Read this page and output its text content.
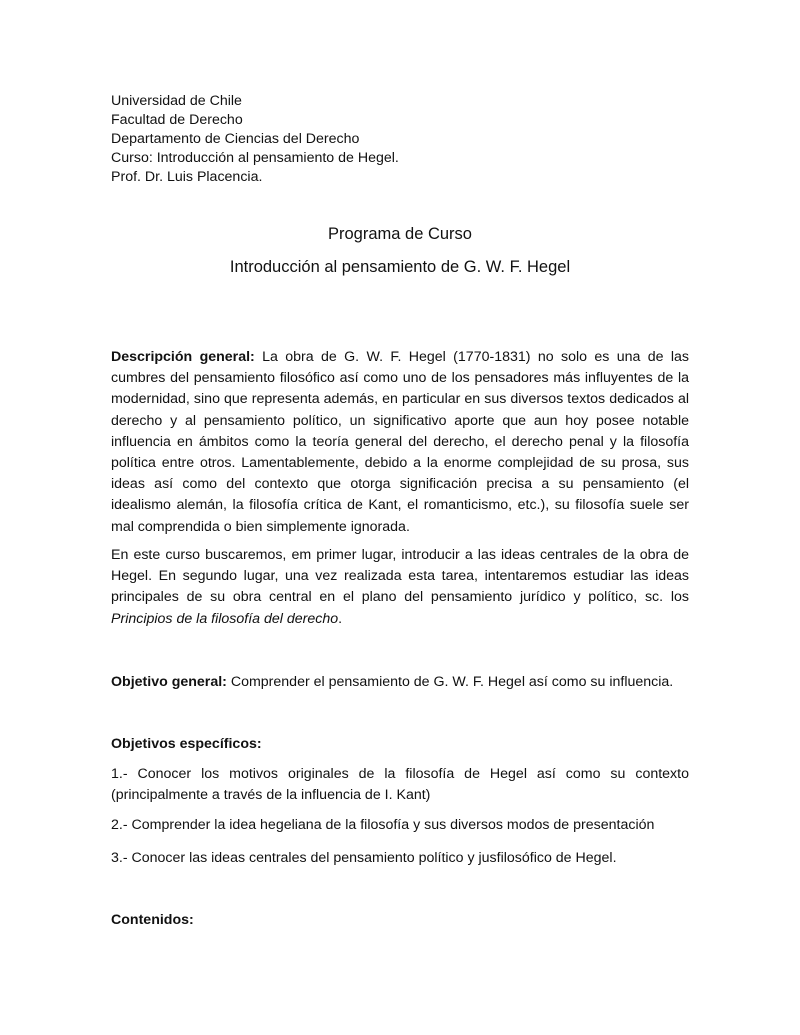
Universidad de Chile
Facultad de Derecho
Departamento de Ciencias del Derecho
Curso: Introducción al pensamiento de Hegel.
Prof. Dr. Luis Placencia.
Programa de Curso
Introducción al pensamiento de G. W. F. Hegel

Descripción general: La obra de G. W. F. Hegel (1770-1831) no solo es una de las cumbres del pensamiento filosófico así como uno de los pensadores más influyentes de la modernidad, sino que representa además, en particular en sus diversos textos dedicados al derecho y al pensamiento político, un significativo aporte que aun hoy posee notable influencia en ámbitos como la teoría general del derecho, el derecho penal y la filosofía política entre otros. Lamentablemente, debido a la enorme complejidad de su prosa, sus ideas así como del contexto que otorga significación precisa a su pensamiento (el idealismo alemán, la filosofía crítica de Kant, el romanticismo, etc.), su filosofía suele ser mal comprendida o bien simplemente ignorada.

En este curso buscaremos, em primer lugar, introducir a las ideas centrales de la obra de Hegel. En segundo lugar, una vez realizada esta tarea, intentaremos estudiar las ideas principales de su obra central en el plano del pensamiento jurídico y político, sc. los Principios de la filosofía del derecho.

Objetivo general: Comprender el pensamiento de G. W. F. Hegel así como su influencia.
Objetivos específicos:

1.- Conocer los motivos originales de la filosofía de Hegel así como su contexto (principalmente a través de la influencia de I. Kant)

2.- Comprender la idea hegeliana de la filosofía y sus diversos modos de presentación
3.- Conocer las ideas centrales del pensamiento político y jusfilosófico de Hegel.
Contenidos:
